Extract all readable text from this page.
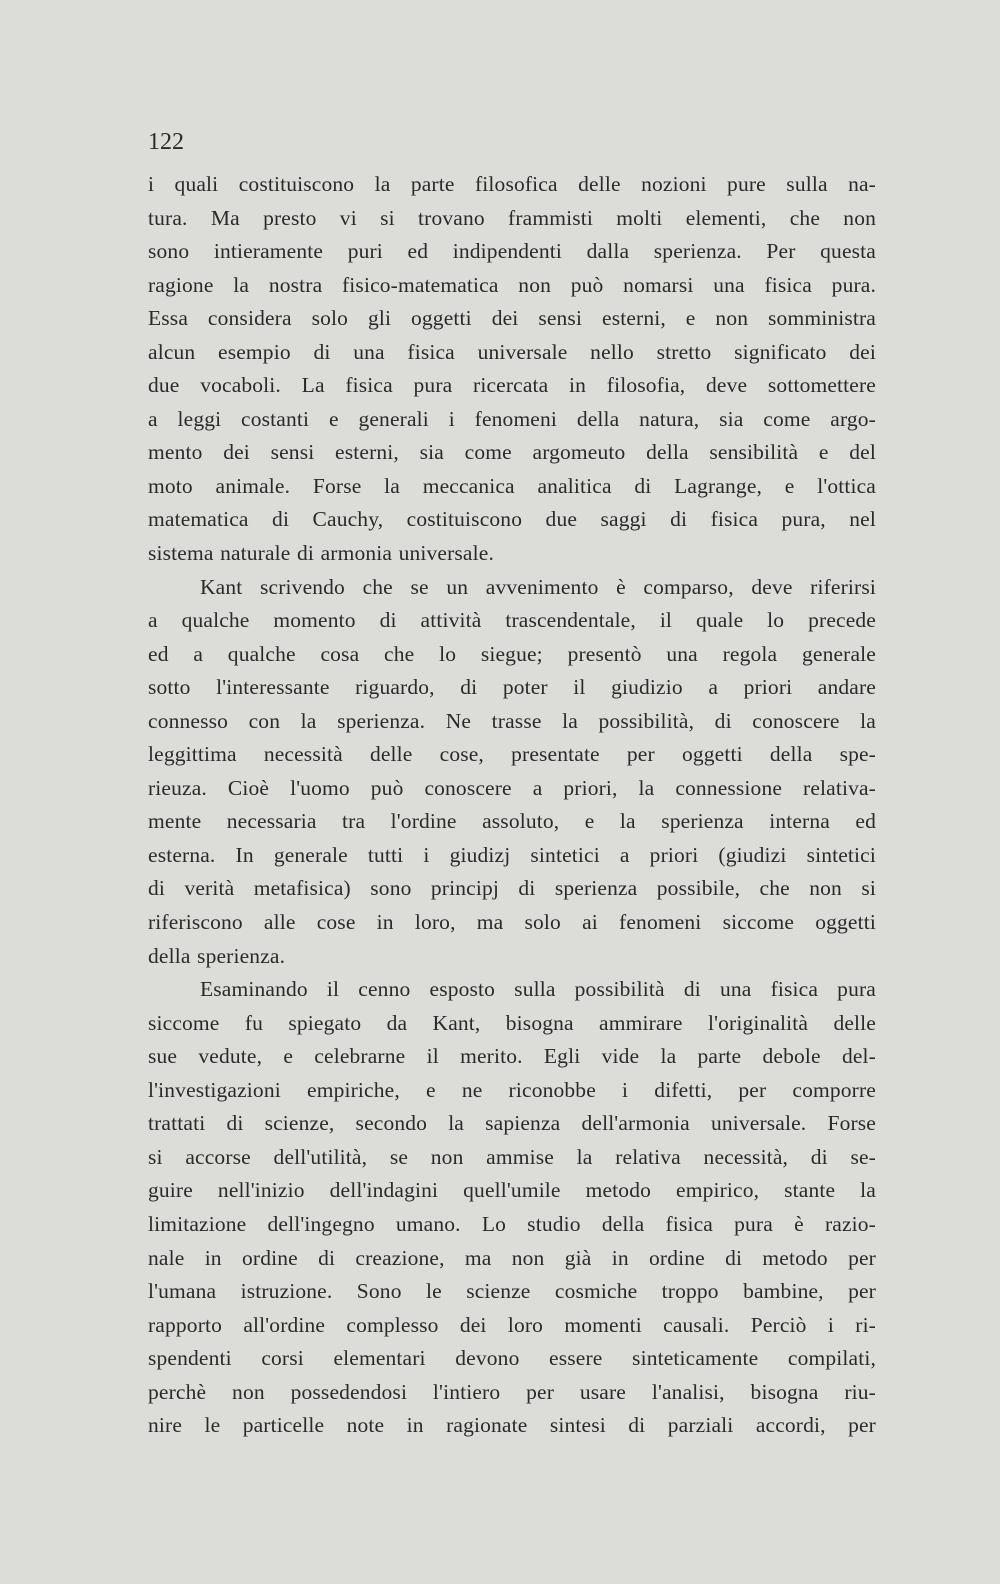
122
i quali costituiscono la parte filosofica delle nozioni pure sulla na-
tura. Ma presto vi si trovano frammisti molti elementi, che non
sono intieramente puri ed indipendenti dalla sperienza. Per questa
ragione la nostra fisico-matematica non può nomarsi una fisica pura.
Essa considera solo gli oggetti dei sensi esterni, e non somministra
alcun esempio di una fisica universale nello stretto significato dei
due vocaboli. La fisica pura ricercata in filosofia, deve sottomettere
a leggi costanti e generali i fenomeni della natura, sia come argo-
mento dei sensi esterni, sia come argomeuto della sensibilità e del
moto animale. Forse la meccanica analitica di Lagrange, e l'ottica
matematica di Cauchy, costituiscono due saggi di fisica pura, nel
sistema naturale di armonia universale.
Kant scrivendo che se un avvenimento è comparso, deve riferirsi
a qualche momento di attività trascendentale, il quale lo precede
ed a qualche cosa che lo siegue; presentò una regola generale
sotto l'interessante riguardo, di poter il giudizio a priori andare
connesso con la sperienza. Ne trasse la possibilità, di conoscere la
leggittima necessità delle cose, presentate per oggetti della spe-
rieuza. Cioè l'uomo può conoscere a priori, la connessione relativa-
mente necessaria tra l'ordine assoluto, e la sperienza interna ed
esterna. In generale tutti i giudizj sintetici a priori (giudizi sintetici
di verità metafisica) sono principj di sperienza possibile, che non si
riferiscono alle cose in loro, ma solo ai fenomeni siccome oggetti
della sperienza.
Esaminando il cenno esposto sulla possibilità di una fisica pura
siccome fu spiegato da Kant, bisogna ammirare l'originalità delle
sue vedute, e celebrarne il merito. Egli vide la parte debole del-
l'investigazioni empiriche, e ne riconobbe i difetti, per comporre
trattati di scienze, secondo la sapienza dell'armonia universale. Forse
si accorse dell'utilità, se non ammise la relativa necessità, di se-
guire nell'inizio dell'indagini quell'umile metodo empirico, stante la
limitazione dell'ingegno umano. Lo studio della fisica pura è razio-
nale in ordine di creazione, ma non già in ordine di metodo per
l'umana istruzione. Sono le scienze cosmiche troppo bambine, per
rapporto all'ordine complesso dei loro momenti causali. Perciò i ri-
spendenti corsi elementari devono essere sinteticamente compilati,
perchè non possedendosi l'intiero per usare l'analisi, bisogna riu-
nire le particelle note in ragionate sintesi di parziali accordi, per
